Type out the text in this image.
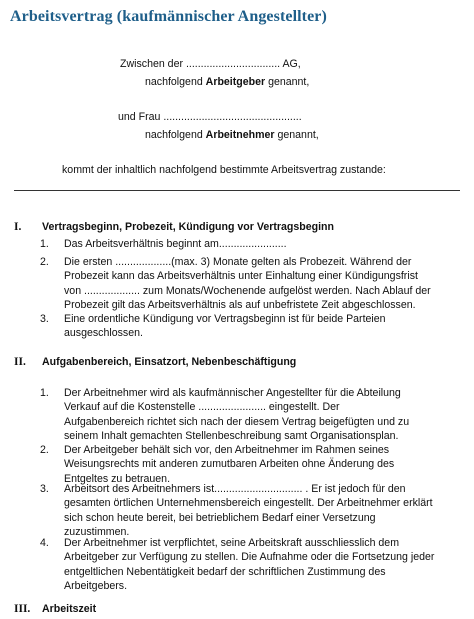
Arbeitsvertrag (kaufmännischer Angestellter)
Zwischen der ................................ AG,
nachfolgend Arbeitgeber genannt,
und Frau ...............................................
nachfolgend Arbeitnehmer genannt,
kommt der inhaltlich nachfolgend bestimmte Arbeitsvertrag zustande:
I. Vertragsbeginn, Probezeit, Kündigung vor Vertragsbeginn
1. Das Arbeitsverhältnis beginnt am.......................
2. Die ersten ...................(max. 3) Monate gelten als Probezeit. Während der
Probezeit kann das Arbeitsverhältnis unter Einhaltung einer Kündigungsfrist
von ................... zum Monats/Wochenende aufgelöst werden. Nach Ablauf der
Probezeit gilt das Arbeitsverhältnis als auf unbefristete Zeit abgeschlossen.
3. Eine ordentliche Kündigung vor Vertragsbeginn ist für beide Parteien
ausgeschlossen.
II. Aufgabenbereich, Einsatzort, Nebenbeschäftigung
1. Der Arbeitnehmer wird als kaufmännischer Angestellter für die Abteilung
Verkauf auf die Kostenstelle ....................... eingestellt. Der
Aufgabenbereich richtet sich nach der diesem Vertrag beigefügten und zu
seinem Inhalt gemachten Stellenbeschreibung samt Organisationsplan.
2. Der Arbeitgeber behält sich vor, den Arbeitnehmer im Rahmen seines
Weisungsrechts mit anderen zumutbaren Arbeiten ohne Änderung des
Entgeltes zu betrauen.
3. Arbeitsort des Arbeitnehmers ist.............................. . Er ist jedoch für den
gesamten örtlichen Unternehmensbereich eingestellt. Der Arbeitnehmer erklärt
sich schon heute bereit, bei betrieblichem Bedarf einer Versetzung
zuzustimmen.
4. Der Arbeitnehmer ist verpflichtet, seine Arbeitskraft ausschliesslich dem
Arbeitgeber zur Verfügung zu stellen. Die Aufnahme oder die Fortsetzung jeder
entgeltlichen Nebentätigkeit bedarf der schriftlichen Zustimmung des
Arbeitgebers.
III. Arbeitszeit
